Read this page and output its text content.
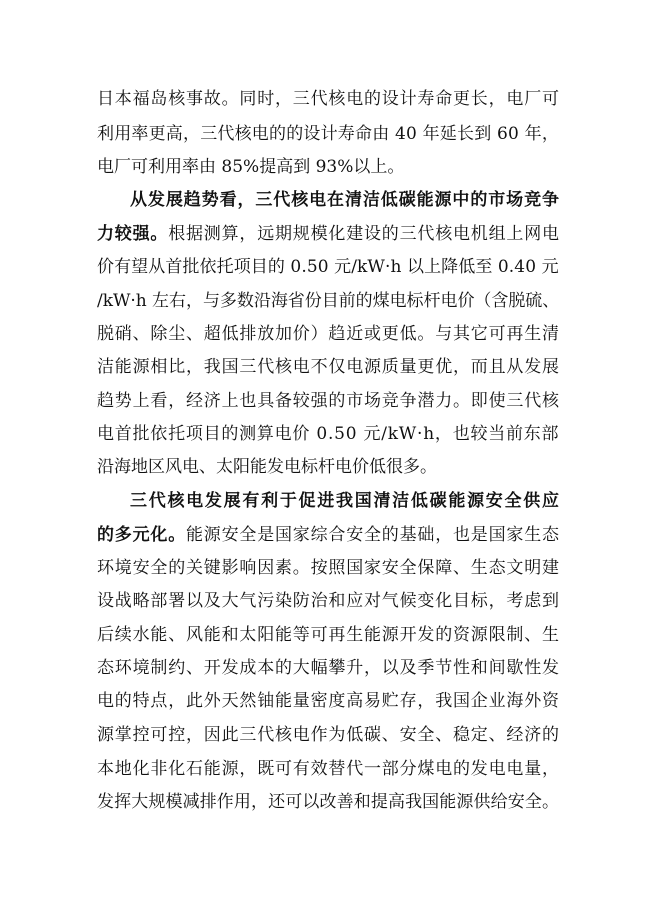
日本福岛核事故。同时，三代核电的设计寿命更长，电厂可
利用率更高，三代核电的的设计寿命由 40 年延长到 60 年，
电厂可利用率由 85%提高到 93%以上。
从发展趋势看，三代核电在清洁低碳能源中的市场竞争
力较强。根据测算，远期规模化建设的三代核电机组上网电
价有望从首批依托项目的 0.50 元/kW·h 以上降低至 0.40 元
/kW·h 左右，与多数沿海省份目前的煤电标杆电价（含脱硫、
脱硝、除尘、超低排放加价）趋近或更低。与其它可再生清
洁能源相比，我国三代核电不仅电源质量更优，而且从发展
趋势上看，经济上也具备较强的市场竞争潜力。即使三代核
电首批依托项目的测算电价 0.50 元/kW·h，也较当前东部
沿海地区风电、太阳能发电标杆电价低很多。
三代核电发展有利于促进我国清洁低碳能源安全供应
的多元化。能源安全是国家综合安全的基础，也是国家生态
环境安全的关键影响因素。按照国家安全保障、生态文明建
设战略部署以及大气污染防治和应对气候变化目标，考虑到
后续水能、风能和太阳能等可再生能源开发的资源限制、生
态环境制约、开发成本的大幅攀升，以及季节性和间歇性发
电的特点，此外天然铀能量密度高易贮存，我国企业海外资
源掌控可控，因此三代核电作为低碳、安全、稳定、经济的
本地化非化石能源，既可有效替代一部分煤电的发电电量，
发挥大规模减排作用，还可以改善和提高我国能源供给安全。
